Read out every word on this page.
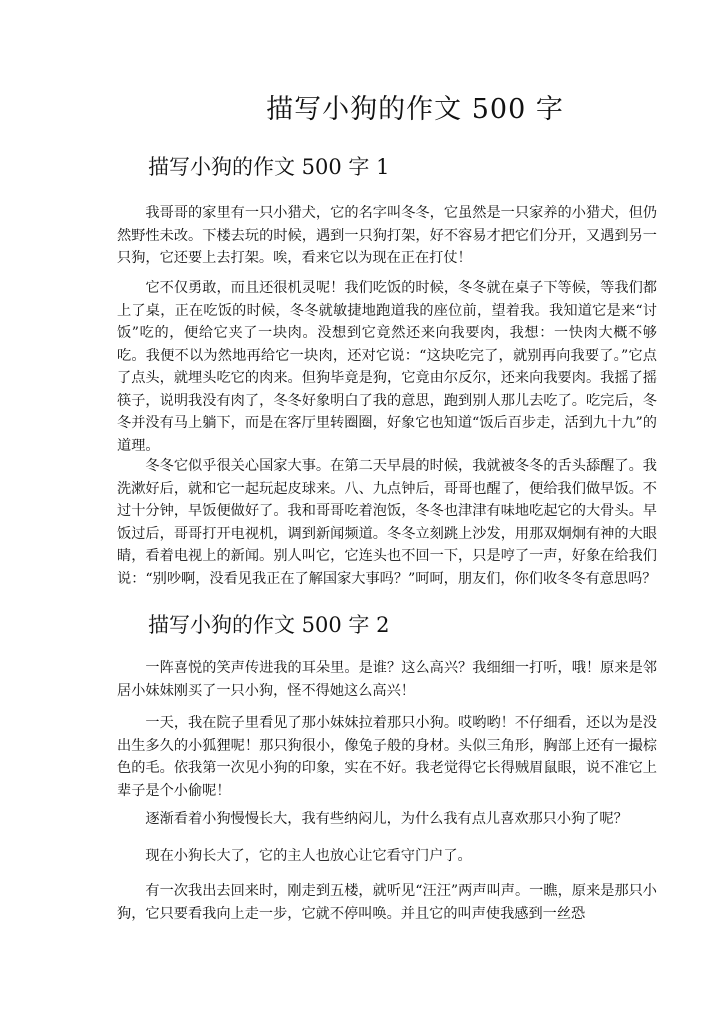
描写小狗的作文 500 字
描写小狗的作文 500 字 1

我哥哥的家里有一只小猎犬，它的名字叫冬冬，它虽然是一只家养的小猎犬，但仍然野性未改。下楼去玩的时候，遇到一只狗打架，好不容易才把它们分开，又遇到另一只狗，它还要上去打架。唉，看来它以为现在正在打仗！

它不仅勇敢，而且还很机灵呢！我们吃饭的时候，冬冬就在桌子下等候，等我们都上了桌，正在吃饭的时候，冬冬就敏捷地跑道我的座位前，望着我。我知道它是来“讨饭”吃的，便给它夹了一块肉。没想到它竟然还来向我要肉，我想：一快肉大概不够吃。我便不以为然地再给它一块肉，还对它说：“这块吃完了，就别再向我要了。”它点了点头，就埋头吃它的肉来。但狗毕竟是狗，它竟由尔反尔，还来向我要肉。我摇了摇筷子，说明我没有肉了，冬冬好象明白了我的意思，跑到别人那儿去吃了。吃完后，冬冬并没有马上躺下，而是在客厅里转圈圈，好象它也知道“饭后百步走，活到九十九”的道理。

冬冬它似乎很关心国家大事。在第二天早晨的时候，我就被冬冬的舌头舔醒了。我洗漱好后，就和它一起玩起皮球来。八、九点钟后，哥哥也醒了，便给我们做早饭。不过十分钟，早饭便做好了。我和哥哥吃着泡饭，冬冬也津津有味地吃起它的大骨头。早饭过后，哥哥打开电视机，调到新闻频道。冬冬立刻跳上沙发，用那双炯炯有神的大眼睛，看着电视上的新闻。别人叫它，它连头也不回一下，只是哼了一声，好象在给我们说：“别吵啊，没看见我正在了解国家大事吗？”呵呵，朋友们，你们收冬冬有意思吗？

描写小狗的作文 500 字 2

一阵喜悦的笑声传进我的耳朵里。是谁？这么高兴？我细细一打听，哦！原来是邻居小妹妹刚买了一只小狗，怪不得她这么高兴！

一天，我在院子里看见了那小妹妹拉着那只小狗。哎哟哟！不仔细看，还以为是没出生多久的小狐狸呢！那只狗很小，像兔子般的身材。头似三角形，胸部上还有一撮棕色的毛。依我第一次见小狗的印象，实在不好。我老觉得它长得贼眉鼠眼，说不准它上辈子是个小偷呢！

逐渐看着小狗慢慢长大，我有些纳闷儿，为什么我有点儿喜欢那只小狗了呢？

现在小狗长大了，它的主人也放心让它看守门户了。

有一次我出去回来时，刚走到五楼，就听见“汪汪”两声叫声。一瞧，原来是那只小狗，它只要看我向上走一步，它就不停叫唤。并且它的叫声使我感到一丝恐
